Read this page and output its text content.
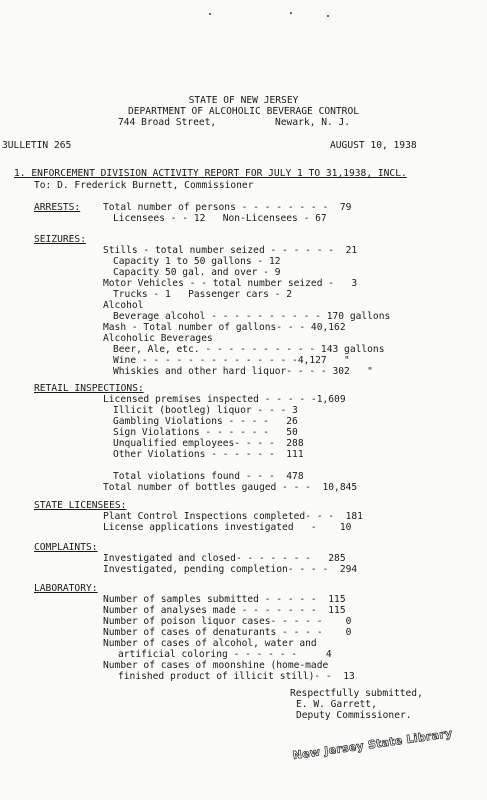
STATE OF NEW JERSEY
DEPARTMENT OF ALCOHOLIC BEVERAGE CONTROL
744 Broad Street,	Newark, N. J.
3ULLETIN 265	AUGUST 10, 1938
1. ENFORCEMENT DIVISION ACTIVITY REPORT FOR JULY 1 TO 31,1938, INCL.
To: D. Frederick Burnett, Commissioner
ARRESTS: Total number of persons - - - - - - - -  79
Licensees - - 12   Non-Licensees - 67
SEIZURES:
Stills - total number seized - - - - - -  21
Capacity 1 to 50 gallons - 12
Capacity 50 gal. and over - 9
Motor Vehicles - - total number seized -   3
Trucks - 1   Passenger cars - 2
Alcohol
Beverage alcohol - - - - - - - - - - 170 gallons
Mash - Total number of gallons- - - 40,162
Alcoholic Beverages
Beer, Ale, etc. - - - - - - - - - - 143 gallons
Wine - - - - - - - - - - - - - -4,127   "
Whiskies and other hard liquor- - - - 302   "
RETAIL INSPECTIONS:
Licensed premises inspected - - - - -1,609
Illicit (bootleg) liquor - - - 3
Gambling Violations - - - -   26
Sign Violations - - - - - -   50
Unqualified employees- - - -  288
Other Violations - - - - - -  111
Total violations found - - -  478
Total number of bottles gauged - - -  10,845
STATE LICENSEES:
Plant Control Inspections completed- - -  181
License applications investigated   -    10
COMPLAINTS:
Investigated and closed- - - - - - -   285
Investigated, pending completion- - - -  294
LABORATORY:
Number of samples submitted - - - - -  115
Number of analyses made - - - - - - -  115
Number of poison liquor cases- - - - -    0
Number of cases of denaturants - - - -    0
Number of cases of alcohol, water and
artificial coloring - - - - - -     4
Number of cases of moonshine (home-made
finished product of illicit still)- -  13
Respectfully submitted,
E. W. Garrett,
Deputy Commissioner.
New Jersey State Library
